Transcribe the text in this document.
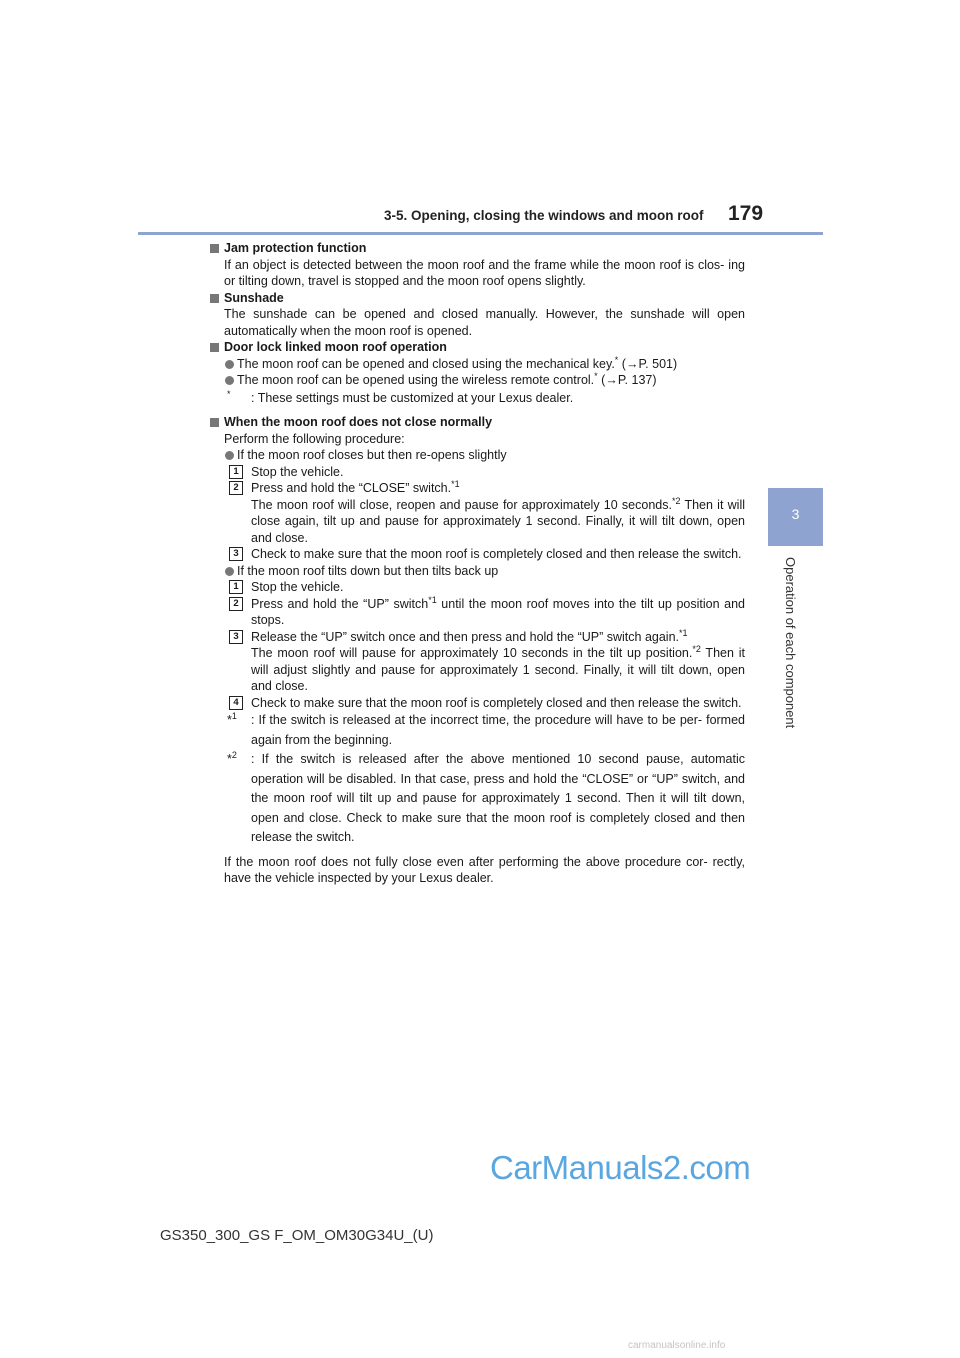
3-5. Opening, closing the windows and moon roof 179
3
Operation of each component

Jam protection function

If an object is detected between the moon roof and the frame while the moon roof is clos- ing or tilting down, travel is stopped and the moon roof opens slightly.

Sunshade

The sunshade can be opened and closed manually. However, the sunshade will open automatically when the moon roof is opened.

Door lock linked moon roof operation

The moon roof can be opened and closed using the mechanical key.* (→P. 501)

The moon roof can be opened using the wireless remote control.* (→P. 137)

* : These settings must be customized at your Lexus dealer.

When the moon roof does not close normally

Perform the following procedure:

If the moon roof closes but then re-opens slightly

1 Stop the vehicle.

2 Press and hold the “CLOSE” switch.$^{*1}$
The moon roof will close, reopen and pause for approximately 10 seconds.$^{*2}$ Then it will close again, tilt up and pause for approximately 1 second. Finally, it will tilt down, open and close.

3 Check to make sure that the moon roof is completely closed and then release the switch.

If the moon roof tilts down but then tilts back up

1 Stop the vehicle.

2 Press and hold the “UP” switch$^{*1}$ until the moon roof moves into the tilt up position and stops.

3 Release the “UP” switch once and then press and hold the “UP” switch again.$^{*1}$
The moon roof will pause for approximately 10 seconds in the tilt up position.$^{*2}$ Then it will adjust slightly and pause for approximately 1 second. Finally, it will tilt down, open and close.

4 Check to make sure that the moon roof is completely closed and then release the switch.

*$^1$ : If the switch is released at the incorrect time, the procedure will have to be per- formed again from the beginning.

*$^2$ : If the switch is released after the above mentioned 10 second pause, automatic operation will be disabled. In that case, press and hold the “CLOSE” or “UP” switch, and the moon roof will tilt up and pause for approximately 1 second. Then it will tilt down, open and close. Check to make sure that the moon roof is completely closed and then release the switch.

If the moon roof does not fully close even after performing the above procedure cor- rectly, have the vehicle inspected by your Lexus dealer.

CarManuals2.com
GS350_300_GS F_OM_OM30G34U_(U)
carmanualsonline.info
